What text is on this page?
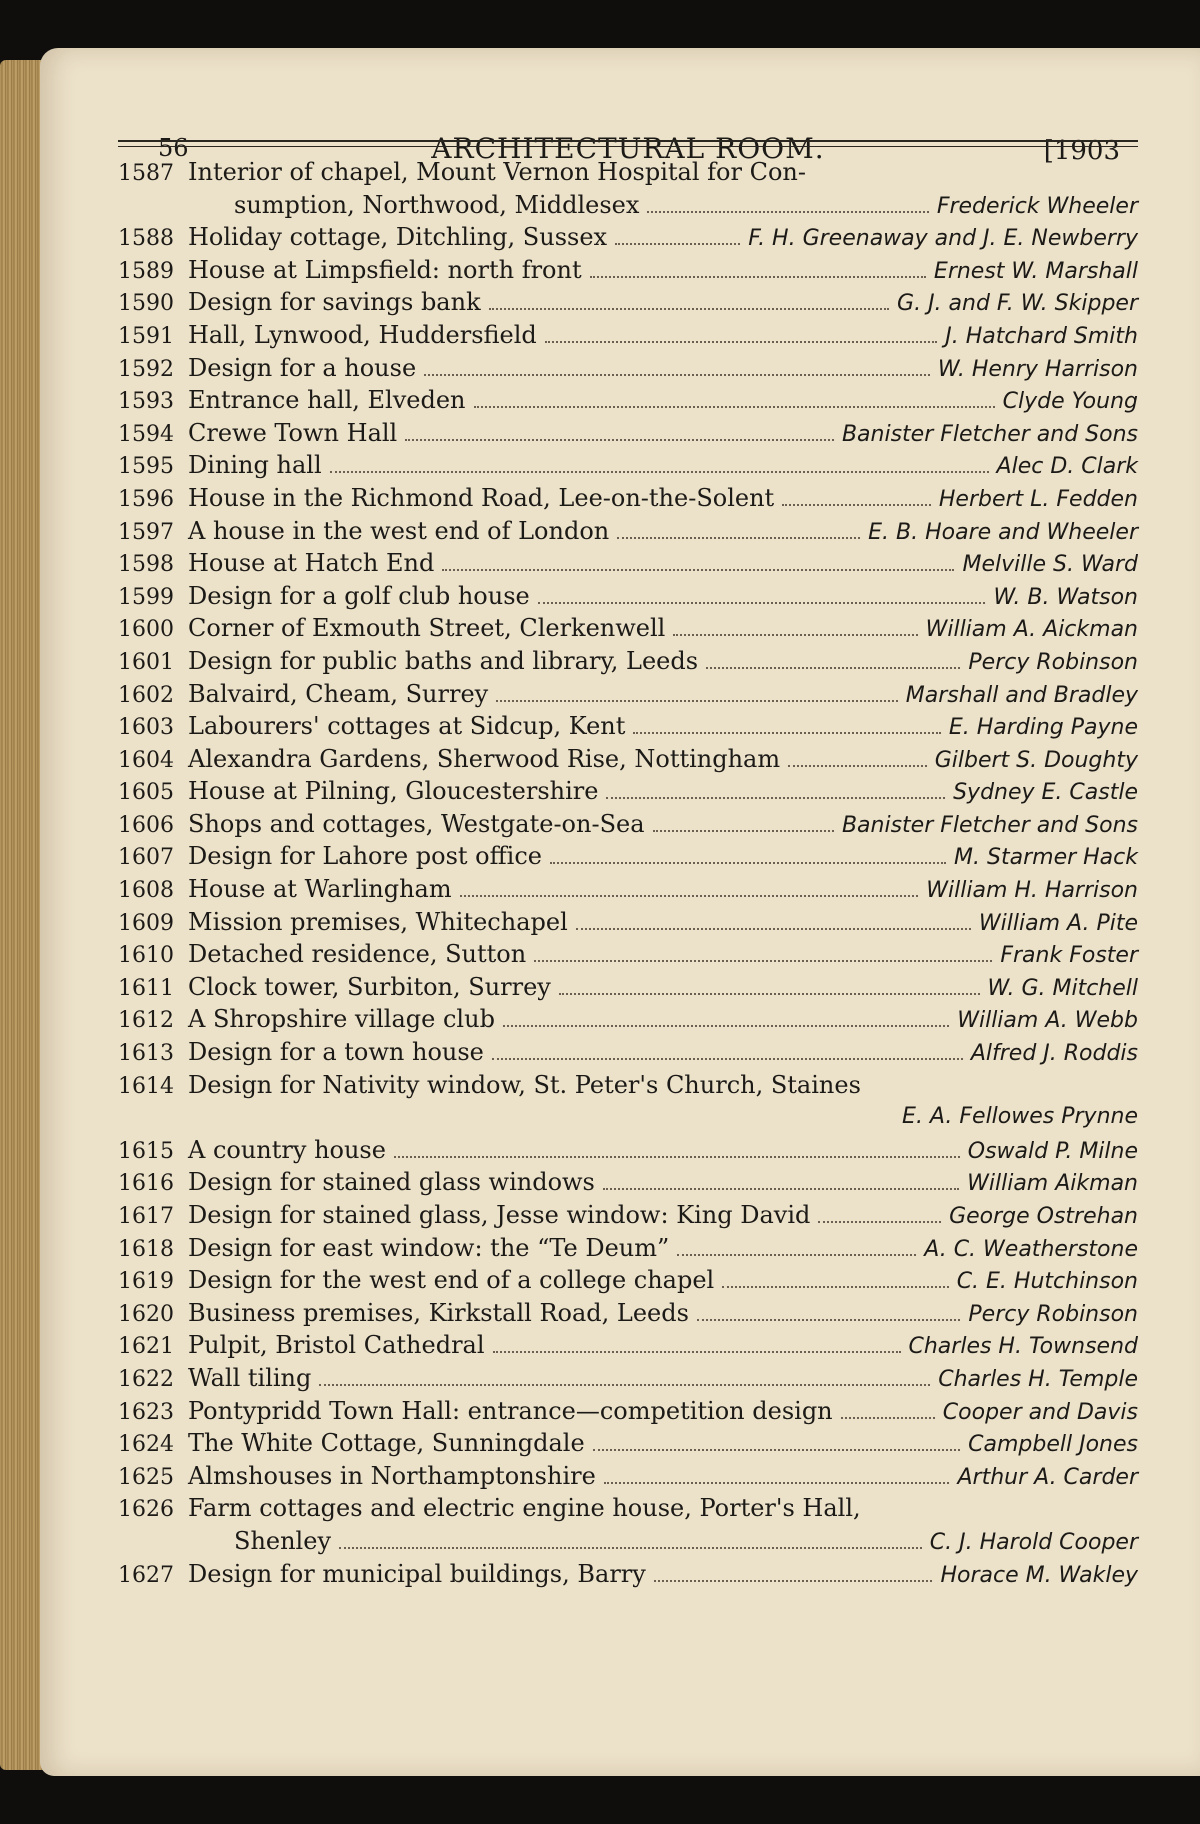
56	ARCHITECTURAL ROOM.	[1903
1587 Interior of chapel, Mount Vernon Hospital for Con-
sumption, Northwood, Middlesex	Frederick Wheeler
1588 Holiday cottage, Ditchling, Sussex	F. H. Greenaway and J. E. Newberry
1589 House at Limpsfield: north front	Ernest W. Marshall
1590 Design for savings bank	G. J. and F. W. Skipper
1591 Hall, Lynwood, Huddersfield	J. Hatchard Smith
1592 Design for a house	W. Henry Harrison
1593 Entrance hall, Elveden	Clyde Young
1594 Crewe Town Hall	Banister Fletcher and Sons
1595 Dining hall	Alec D. Clark
1596 House in the Richmond Road, Lee-on-the-Solent	Herbert L. Fedden
1597 A house in the west end of London	E. B. Hoare and Wheeler
1598 House at Hatch End	Melville S. Ward
1599 Design for a golf club house	W. B. Watson
1600 Corner of Exmouth Street, Clerkenwell	William A. Aickman
1601 Design for public baths and library, Leeds	Percy Robinson
1602 Balvaird, Cheam, Surrey	Marshall and Bradley
1603 Labourers' cottages at Sidcup, Kent	E. Harding Payne
1604 Alexandra Gardens, Sherwood Rise, Nottingham	Gilbert S. Doughty
1605 House at Pilning, Gloucestershire	Sydney E. Castle
1606 Shops and cottages, Westgate-on-Sea	Banister Fletcher and Sons
1607 Design for Lahore post office	M. Starmer Hack
1608 House at Warlingham	William H. Harrison
1609 Mission premises, Whitechapel	William A. Pite
1610 Detached residence, Sutton	Frank Foster
1611 Clock tower, Surbiton, Surrey	W. G. Mitchell
1612 A Shropshire village club	William A. Webb
1613 Design for a town house	Alfred J. Roddis
1614 Design for Nativity window, St. Peter's Church, Staines
E. A. Fellowes Prynne
1615 A country house	Oswald P. Milne
1616 Design for stained glass windows	William Aikman
1617 Design for stained glass, Jesse window: King David	George Ostrehan
1618 Design for east window: the “Te Deum”	A. C. Weatherstone
1619 Design for the west end of a college chapel	C. E. Hutchinson
1620 Business premises, Kirkstall Road, Leeds	Percy Robinson
1621 Pulpit, Bristol Cathedral	Charles H. Townsend
1622 Wall tiling	Charles H. Temple
1623 Pontypridd Town Hall: entrance—competition design	Cooper and Davis
1624 The White Cottage, Sunningdale	Campbell Jones
1625 Almshouses in Northamptonshire	Arthur A. Carder
1626 Farm cottages and electric engine house, Porter's Hall,
Shenley	C. J. Harold Cooper
1627 Design for municipal buildings, Barry	Horace M. Wakley
